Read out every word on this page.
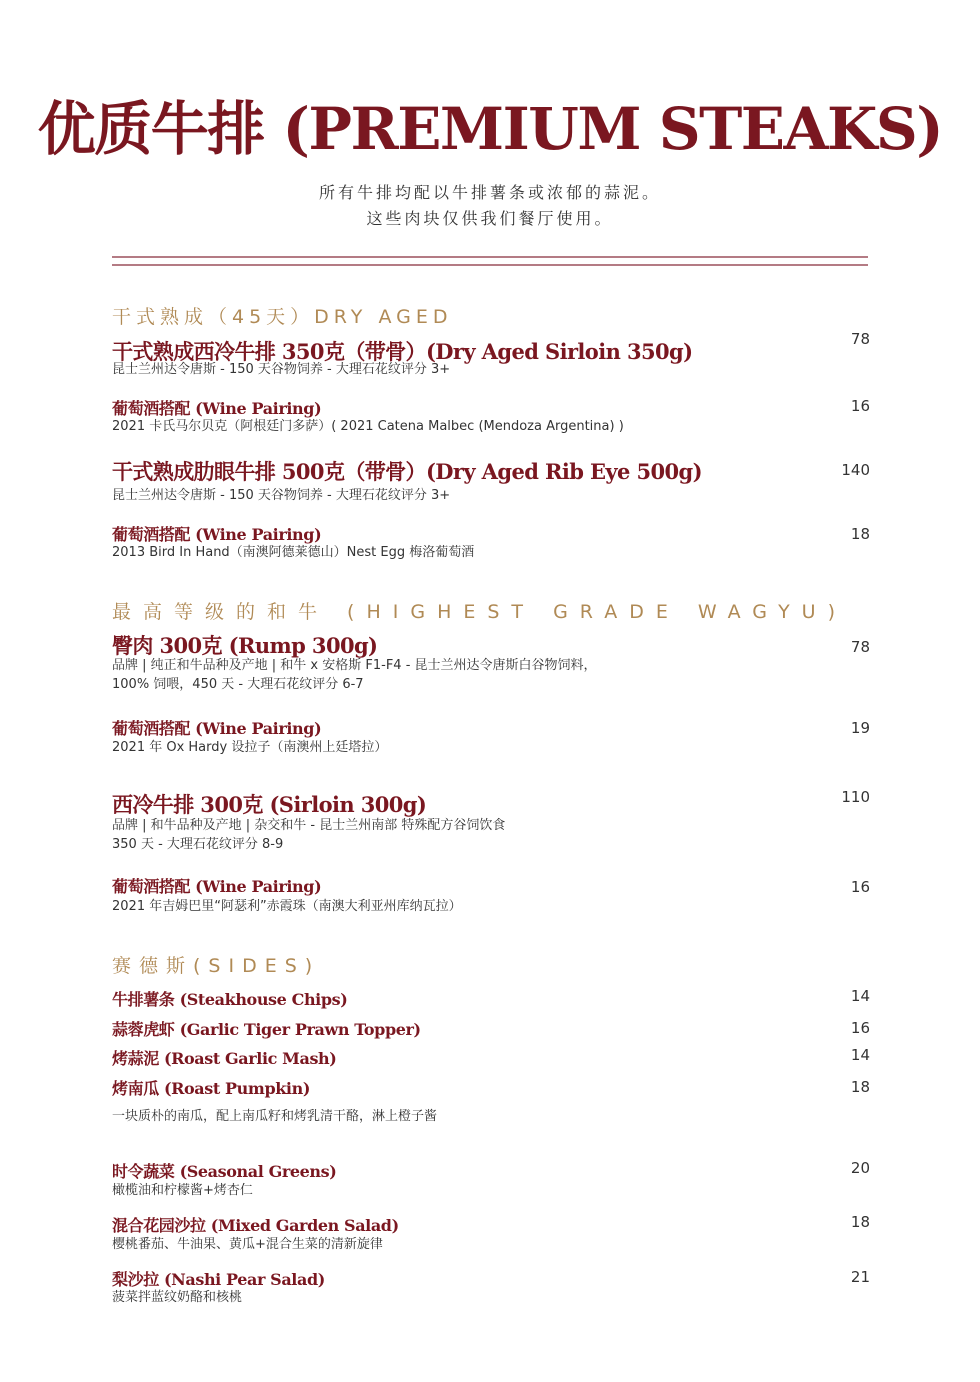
优质牛排 (PREMIUM STEAKS)
所有牛排均配以牛排薯条或浓郁的蒜泥。
这些肉块仅供我们餐厅使用。
干式熟成（45天）DRY AGED
干式熟成西冷牛排 350克（带骨）(Dry Aged Sirloin 350g)
昆士兰州达令唐斯 - 150 天谷物饲养 - 大理石花纹评分 3+
78
葡萄酒搭配 (Wine Pairing)
2021 卡氏马尔贝克（阿根廷门多萨）( 2021 Catena Malbec (Mendoza Argentina) )
16
干式熟成肋眼牛排 500克（带骨）(Dry Aged Rib Eye 500g)
昆士兰州达令唐斯 - 150 天谷物饲养 - 大理石花纹评分 3+
140
葡萄酒搭配 (Wine Pairing)
2013 Bird In Hand（南澳阿德莱德山）Nest Egg 梅洛葡萄酒
18
最高等级的和牛 (HIGHEST GRADE WAGYU)
臀肉 300克 (Rump 300g)
品牌 | 纯正和牛品种及产地 | 和牛 x 安格斯 F1-F4 - 昆士兰州达令唐斯白谷物饲料，
100% 饲喂，450 天 - 大理石花纹评分 6-7
78
葡萄酒搭配 (Wine Pairing)
2021 年 Ox Hardy 设拉子（南澳州上廷塔拉）
19
西冷牛排 300克 (Sirloin 300g)
品牌 | 和牛品种及产地 | 杂交和牛 - 昆士兰州南部 特殊配方谷饲饮食
350 天 - 大理石花纹评分 8-9
110
葡萄酒搭配 (Wine Pairing)
2021 年吉姆巴里“阿瑟利”赤霞珠（南澳大利亚州库纳瓦拉）
16
赛德斯(SIDES)
牛排薯条 (Steakhouse Chips)	14
蒜蓉虎虾 (Garlic Tiger Prawn Topper)	16
烤蒜泥 (Roast Garlic Mash)	14
烤南瓜 (Roast Pumpkin)	18
一块质朴的南瓜，配上南瓜籽和烤乳清干酪，淋上橙子酱
时令蔬菜 (Seasonal Greens)	20
橄榄油和柠檬酱+烤杏仁
混合花园沙拉 (Mixed Garden Salad)	18
樱桃番茄、牛油果、黄瓜+混合生菜的清新旋律
梨沙拉 (Nashi Pear Salad)	21
菠菜拌蓝纹奶酪和核桃
